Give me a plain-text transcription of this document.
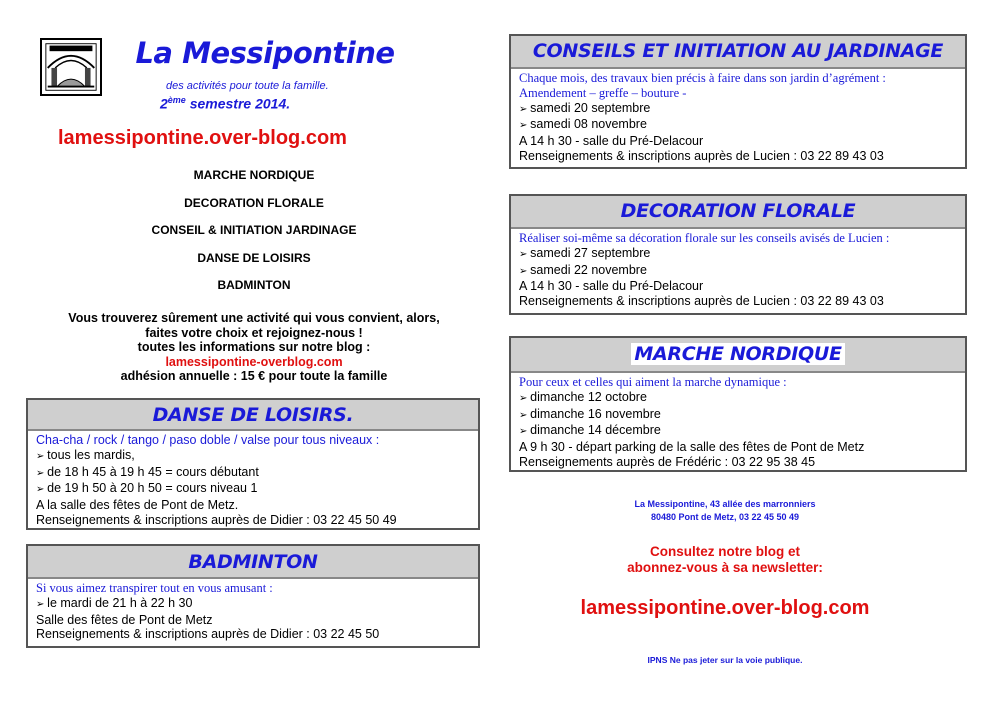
La Messipontine
des activités pour toute la famille.
2ème semestre 2014.
lamessipontine.over-blog.com
MARCHE NORDIQUE
DECORATION FLORALE
CONSEIL & INITIATION JARDINAGE
DANSE DE LOISIRS
BADMINTON
Vous trouverez sûrement une activité qui vous convient, alors,
faites votre choix et rejoignez-nous !
toutes les informations sur notre blog :
lamessipontine-overblog.com
adhésion annuelle : 15 € pour toute la famille
DANSE DE LOISIRS.
Cha-cha / rock / tango / paso doble / valse pour tous niveaux :
➢ tous les mardis,
➢ de 18 h 45 à 19 h 45 = cours débutant
➢ de 19 h 50 à 20 h 50 = cours niveau 1
A la salle des fêtes de Pont de Metz.
Renseignements & inscriptions auprès de Didier : 03 22 45 50 49
BADMINTON
Si vous aimez transpirer tout en vous amusant :
➢ le mardi de 21 h à 22 h 30
Salle des fêtes de Pont de Metz
Renseignements & inscriptions auprès de Didier : 03 22 45 50
CONSEILS ET INITIATION AU JARDINAGE
Chaque mois, des travaux bien précis à faire dans son jardin d’agrément :
Amendement – greffe – bouture -
➢ samedi 20 septembre
➢ samedi 08 novembre
A 14 h 30 - salle du Pré-Delacour
Renseignements & inscriptions auprès de Lucien : 03 22 89 43 03
DECORATION FLORALE
Réaliser soi-même sa décoration florale sur les conseils avisés de Lucien :
➢ samedi 27 septembre
➢ samedi 22 novembre
A 14 h 30 - salle du Pré-Delacour
Renseignements & inscriptions auprès de Lucien : 03 22 89 43 03
MARCHE NORDIQUE
Pour ceux et celles qui aiment la marche dynamique :
➢ dimanche 12 octobre
➢ dimanche 16 novembre
➢ dimanche 14 décembre
A 9 h 30 - départ parking de la salle des fêtes de Pont de Metz
Renseignements auprès de Frédéric : 03 22 95 38 45
La Messipontine, 43 allée des marronniers
80480 Pont de Metz, 03 22 45 50 49
Consultez notre blog et
abonnez-vous à sa newsletter:
lamessipontine.over-blog.com
IPNS Ne pas jeter sur la voie publique.
